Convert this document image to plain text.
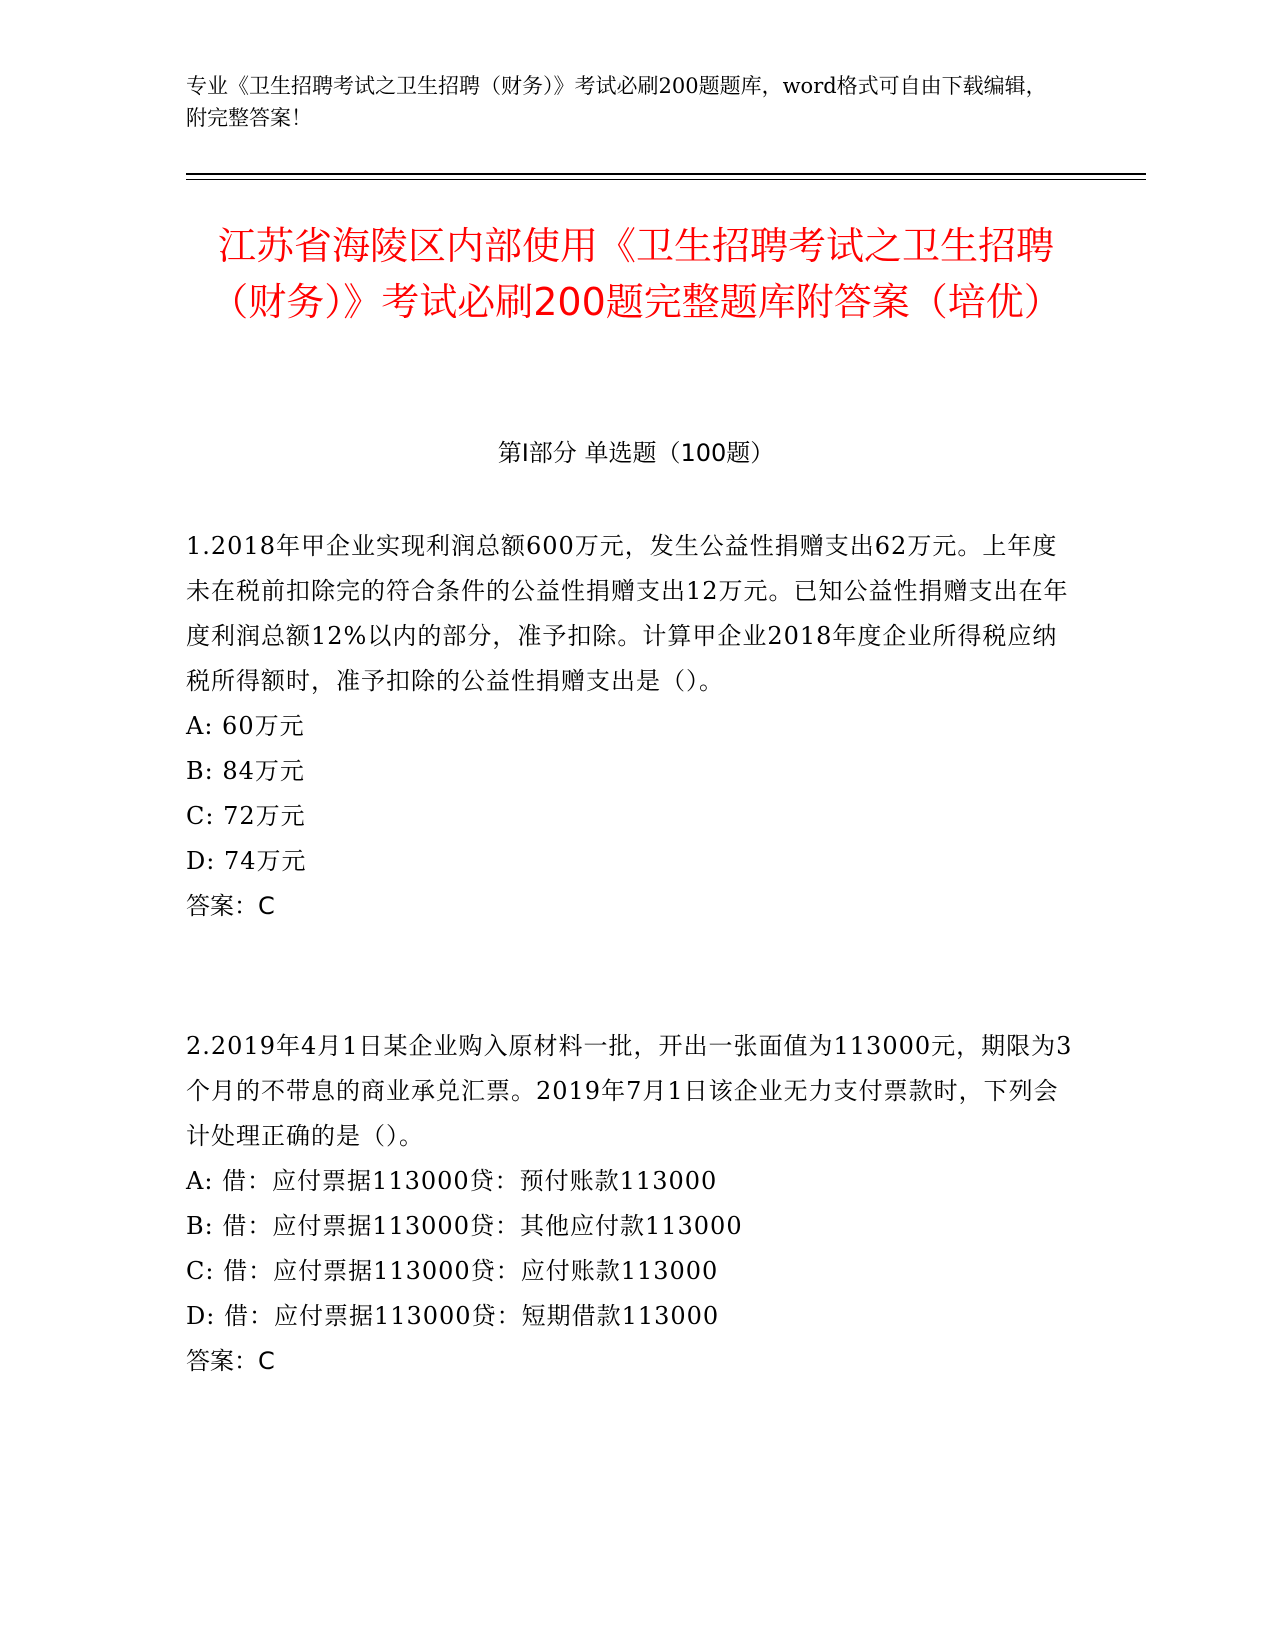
专业《卫生招聘考试之卫生招聘（财务）》考试必刷200题题库，word格式可自由下载编辑，附完整答案！
江苏省海陵区内部使用《卫生招聘考试之卫生招聘（财务）》考试必刷200题完整题库附答案（培优）
第Ⅰ部分 单选题（100题）
1.2018年甲企业实现利润总额600万元，发生公益性捐赠支出62万元。上年度未在税前扣除完的符合条件的公益性捐赠支出12万元。已知公益性捐赠支出在年度利润总额12%以内的部分，准予扣除。计算甲企业2018年度企业所得税应纳税所得额时，准予扣除的公益性捐赠支出是（）。
A: 60万元
B: 84万元
C: 72万元
D: 74万元
答案：C
2.2019年4月1日某企业购入原材料一批，开出一张面值为113000元，期限为3个月的不带息的商业承兑汇票。2019年7月1日该企业无力支付票款时，下列会计处理正确的是（）。
A: 借：应付票据113000贷：预付账款113000
B: 借：应付票据113000贷：其他应付款113000
C: 借：应付票据113000贷：应付账款113000
D: 借：应付票据113000贷：短期借款113000
答案：C
